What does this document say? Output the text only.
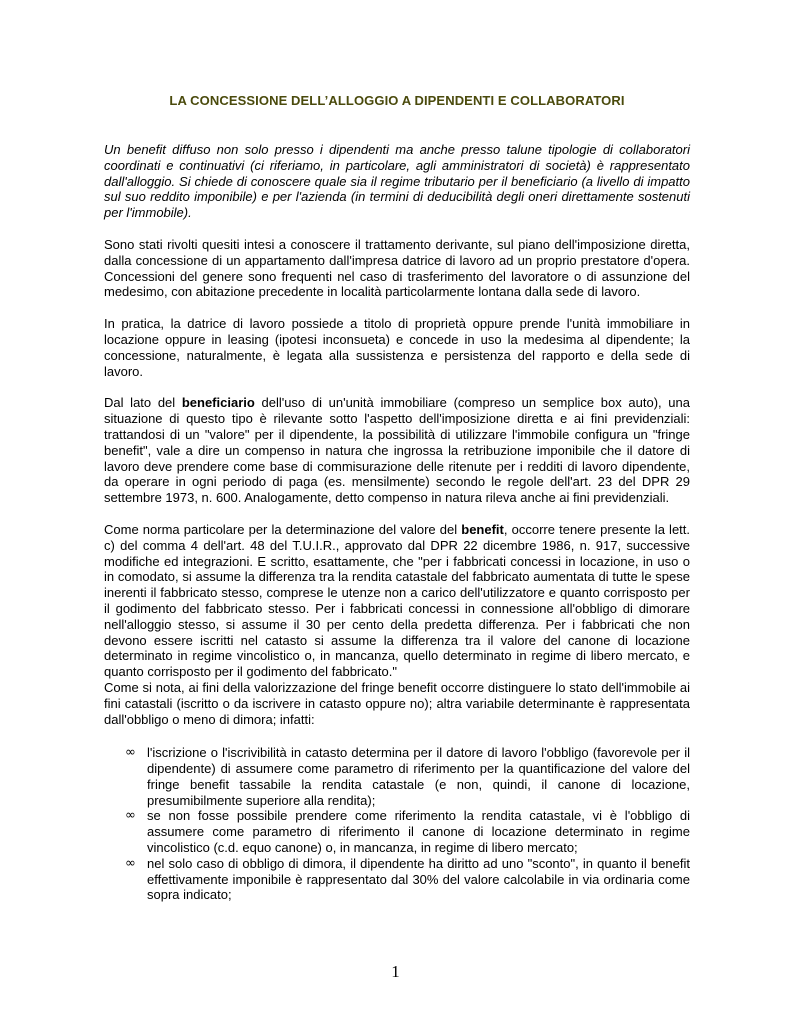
LA CONCESSIONE DELL’ALLOGGIO A DIPENDENTI E COLLABORATORI

Un benefit diffuso non solo presso i dipendenti ma anche presso talune tipologie di collaboratori coordinati e continuativi (ci riferiamo, in particolare, agli amministratori di società) è rappresentato dall'alloggio. Si chiede di conoscere quale sia il regime tributario per il beneficiario (a livello di impatto sul suo reddito imponibile) e per l'azienda (in termini di deducibilità degli oneri direttamente sostenuti per l'immobile).

Sono stati rivolti quesiti intesi a conoscere il trattamento derivante, sul piano dell'imposizione diretta, dalla concessione di un appartamento dall'impresa datrice di lavoro ad un proprio prestatore d'opera. Concessioni del genere sono frequenti nel caso di trasferimento del lavoratore o di assunzione del medesimo, con abitazione precedente in località particolarmente lontana dalla sede di lavoro.

In pratica, la datrice di lavoro possiede a titolo di proprietà oppure prende l'unità immobiliare in locazione oppure in leasing (ipotesi inconsueta) e concede in uso la medesima al dipendente; la concessione, naturalmente, è legata alla sussistenza e persistenza del rapporto e della sede di lavoro.

Dal lato del beneficiario dell'uso di un'unità immobiliare (compreso un semplice box auto), una situazione di questo tipo è rilevante sotto l'aspetto dell'imposizione diretta e ai fini previdenziali: trattandosi di un "valore" per il dipendente, la possibilità di utilizzare l'immobile configura un "fringe benefit", vale a dire un compenso in natura che ingrossa la retribuzione imponibile che il datore di lavoro deve prendere come base di commisurazione delle ritenute per i redditi di lavoro dipendente, da operare in ogni periodo di paga (es. mensilmente) secondo le regole dell'art. 23 del DPR 29 settembre 1973, n. 600. Analogamente, detto compenso in natura rileva anche ai fini previdenziali.

Come norma particolare per la determinazione del valore del benefit, occorre tenere presente la lett. c) del comma 4 dell'art. 48 del T.U.I.R., approvato dal DPR 22 dicembre 1986, n. 917, successive modifiche ed integrazioni. E scritto, esattamente, che "per i fabbricati concessi in locazione, in uso o in comodato, si assume la differenza tra la rendita catastale del fabbricato aumentata di tutte le spese inerenti il fabbricato stesso, comprese le utenze non a carico dell'utilizzatore e quanto corrisposto per il godimento del fabbricato stesso. Per i fabbricati concessi in connessione all'obbligo di dimorare nell'alloggio stesso, si assume il 30 per cento della predetta differenza. Per i fabbricati che non devono essere iscritti nel catasto si assume la differenza tra il valore del canone di locazione determinato in regime vincolistico o, in mancanza, quello determinato in regime di libero mercato, e quanto corrisposto per il godimento del fabbricato."

Come si nota, ai fini della valorizzazione del fringe benefit occorre distinguere lo stato dell'immobile ai fini catastali (iscritto o da iscrivere in catasto oppure no); altra variabile determinante è rappresentata dall'obbligo o meno di dimora; infatti:

∞ l'iscrizione o l'iscrivibilità in catasto determina per il datore di lavoro l'obbligo (favorevole per il dipendente) di assumere come parametro di riferimento per la quantificazione del valore del fringe benefit tassabile la rendita catastale (e non, quindi, il canone di locazione, presumibilmente superiore alla rendita);
∞ se non fosse possibile prendere come riferimento la rendita catastale, vi è l'obbligo di assumere come parametro di riferimento il canone di locazione determinato in regime vincolistico (c.d. equo canone) o, in mancanza, in regime di libero mercato;
∞ nel solo caso di obbligo di dimora, il dipendente ha diritto ad uno "sconto", in quanto il benefit effettivamente imponibile è rappresentato dal 30% del valore calcolabile in via ordinaria come sopra indicato;
1
